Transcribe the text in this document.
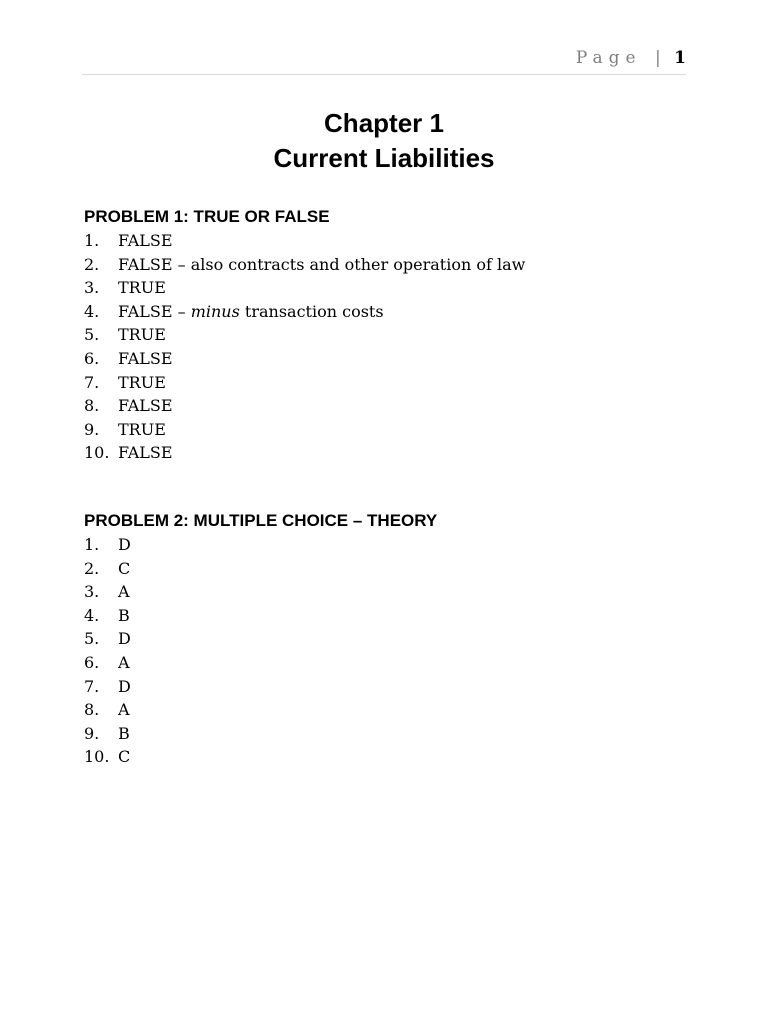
Page | 1
Chapter 1
Current Liabilities
PROBLEM 1: TRUE OR FALSE
1. FALSE
2. FALSE – also contracts and other operation of law
3. TRUE
4. FALSE – minus transaction costs
5. TRUE
6. FALSE
7. TRUE
8. FALSE
9. TRUE
10. FALSE
PROBLEM 2: MULTIPLE CHOICE – THEORY
1. D
2. C
3. A
4. B
5. D
6. A
7. D
8. A
9. B
10. C
